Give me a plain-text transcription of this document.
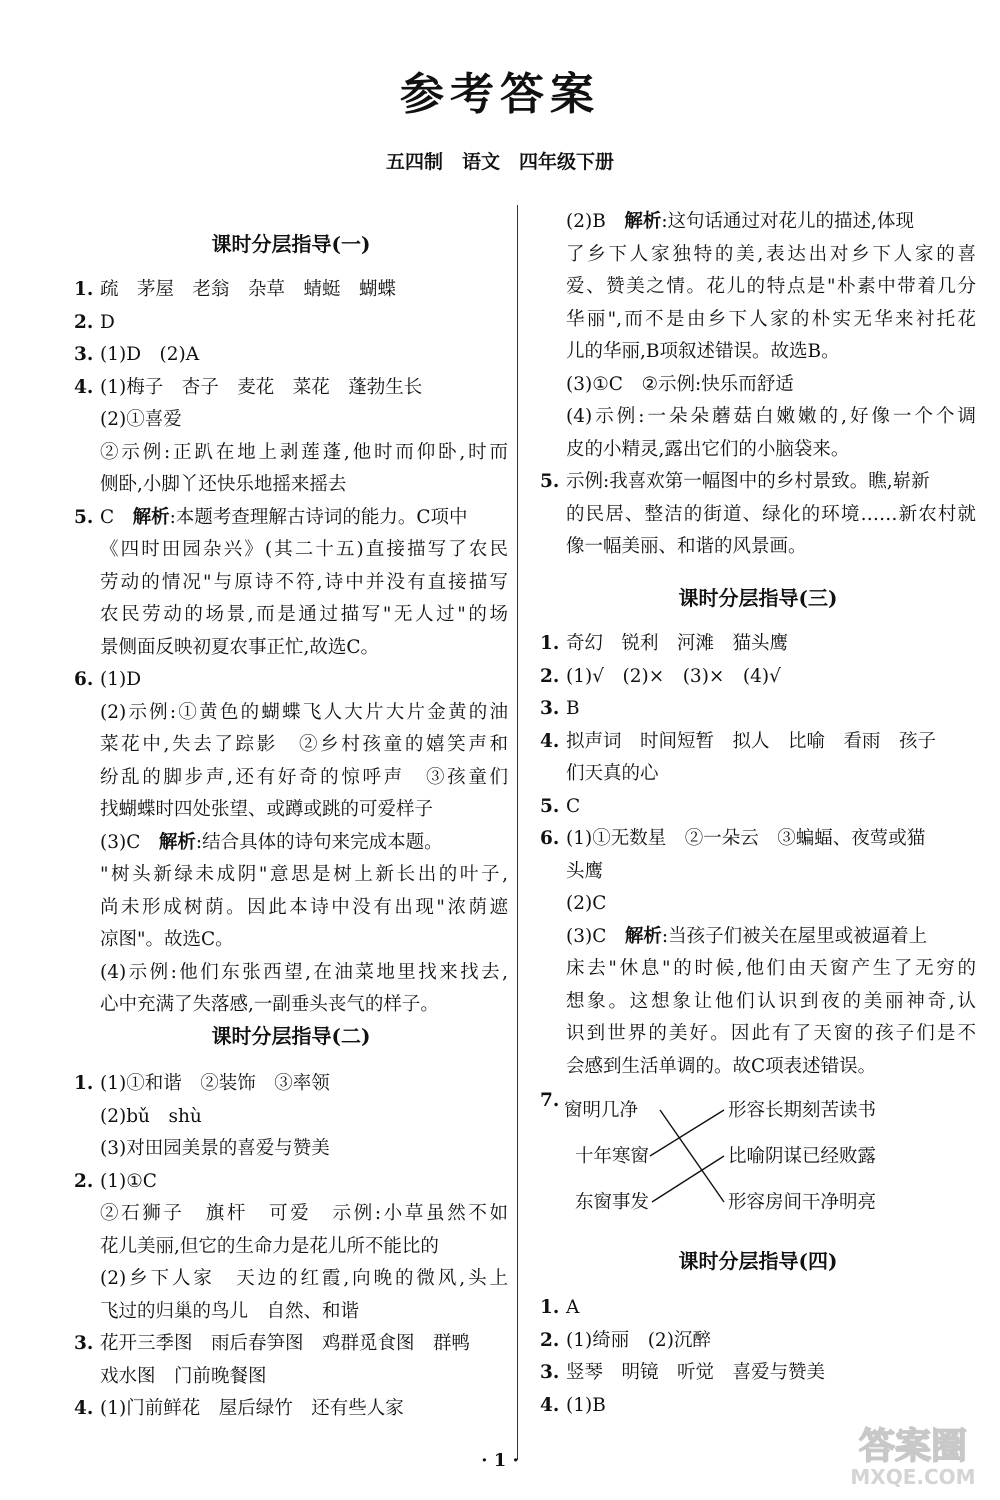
参考答案
五四制　语文　四年级下册
课时分层指导(一)
1. 疏　茅屋　老翁　杂草　蜻蜓　蝴蝶
2. D
3. (1)D　(2)A
4. (1)梅子　杏子　麦花　菜花　蓬勃生长
(2)①喜爱
②示例:正趴在地上剥莲蓬,他时而仰卧,时而
侧卧,小脚丫还快乐地摇来摇去
5. C　解析:本题考查理解古诗词的能力。C项中
《四时田园杂兴》(其二十五)直接描写了农民
劳动的情况"与原诗不符,诗中并没有直接描写
农民劳动的场景,而是通过描写"无人过"的场
景侧面反映初夏农事正忙,故选C。
6. (1)D
(2)示例:①黄色的蝴蝶飞人大片大片金黄的油
菜花中,失去了踪影　②乡村孩童的嬉笑声和
纷乱的脚步声,还有好奇的惊呼声　③孩童们
找蝴蝶时四处张望、或蹲或跳的可爱样子
(3)C　解析:结合具体的诗句来完成本题。
"树头新绿未成阴"意思是树上新长出的叶子,
尚未形成树荫。因此本诗中没有出现"浓荫遮
凉图"。故选C。
(4)示例:他们东张西望,在油菜地里找来找去,
心中充满了失落感,一副垂头丧气的样子。
课时分层指导(二)
1. (1)①和谐　②装饰　③率领
(2)bǔ　shù
(3)对田园美景的喜爱与赞美
2. (1)①C
②石狮子　旗杆　可爱　示例:小草虽然不如
花儿美丽,但它的生命力是花儿所不能比的
(2)乡下人家　天边的红霞,向晚的微风,头上
飞过的归巢的鸟儿　自然、和谐
3. 花开三季图　雨后春笋图　鸡群觅食图　群鸭
戏水图　门前晚餐图
4. (1)门前鲜花　屋后绿竹　还有些人家
(2)B　解析:这句话通过对花儿的描述,体现
了乡下人家独特的美,表达出对乡下人家的喜
爱、赞美之情。花儿的特点是"朴素中带着几分
华丽",而不是由乡下人家的朴实无华来衬托花
儿的华丽,B项叙述错误。故选B。
(3)①C　②示例:快乐而舒适
(4)示例:一朵朵蘑菇白嫩嫩的,好像一个个调
皮的小精灵,露出它们的小脑袋来。
5. 示例:我喜欢第一幅图中的乡村景致。瞧,崭新
的民居、整洁的街道、绿化的环境……新农村就
像一幅美丽、和谐的风景画。
课时分层指导(三)
1. 奇幻　锐利　河滩　猫头鹰
2. (1)√　(2)×　(3)×　(4)√
3. B
4. 拟声词　时间短暂　拟人　比喻　看雨　孩子
们天真的心
5. C
6. (1)①无数星　②一朵云　③蝙蝠、夜莺或猫
头鹰
(2)C
(3)C　解析:当孩子们被关在屋里或被逼着上
床去"休息"的时候,他们由天窗产生了无穷的
想象。这想象让他们认识到夜的美丽神奇,认
识到世界的美好。因此有了天窗的孩子们是不
会感到生活单调的。故C项表述错误。
7. 窗明几净
十年寒窗
东窗事发
形容长期刻苦读书
比喻阴谋已经败露
形容房间干净明亮
课时分层指导(四)
1. A
2. (1)绮丽　(2)沉醉
3. 竖琴　明镜　听觉　喜爱与赞美
4. (1)B
· 1 ·	答案圈
MXQE.COM
